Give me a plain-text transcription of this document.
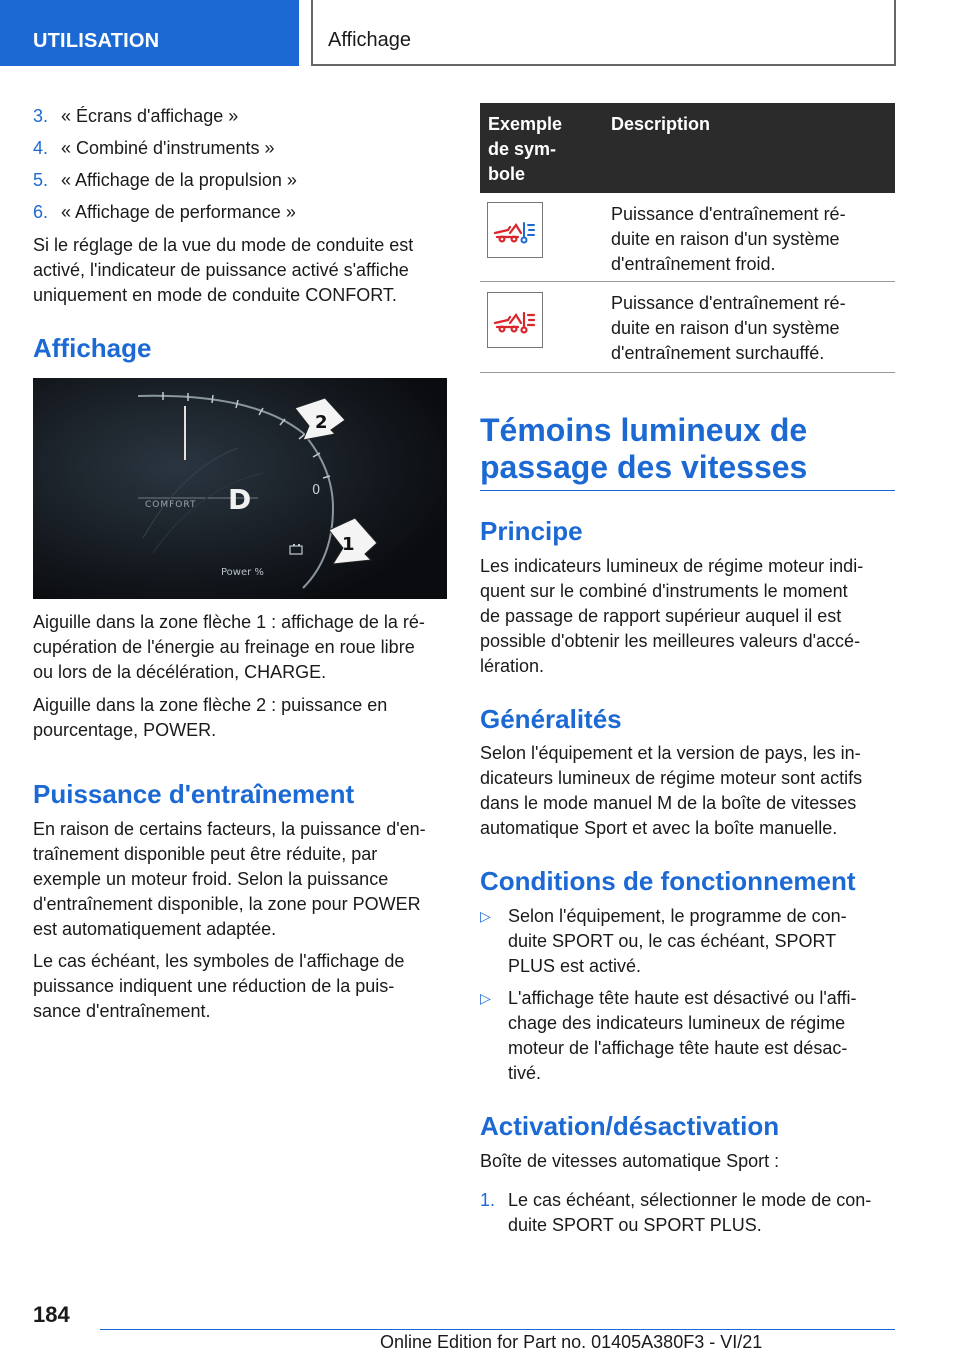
UTILISATION	Affichage
3. « Écrans d'affichage »
4. « Combiné d'instruments »
5. « Affichage de la propulsion »
6. « Affichage de performance »

Si le réglage de la vue du mode de conduite est
activé, l'indicateur de puissance activé s'affiche
uniquement en mode de conduite CONFORT.

Affichage
COMFORT D	0
Power %
2
1

Aiguille dans la zone flèche 1 : affichage de la ré-
cupération de l'énergie au freinage en roue libre
ou lors de la décélération, CHARGE.

Aiguille dans la zone flèche 2 : puissance en
pourcentage, POWER.

Puissance d'entraînement

En raison de certains facteurs, la puissance d'en-
traînement disponible peut être réduite, par
exemple un moteur froid. Selon la puissance
d'entraînement disponible, la zone pour POWER
est automatiquement adaptée.

Le cas échéant, les symboles de l'affichage de
puissance indiquent une réduction de la puis-
sance d'entraînement.

Exemple
de sym-
bole
Description
Puissance d'entraînement ré-
duite en raison d'un système
d'entraînement froid.
Puissance d'entraînement ré-
duite en raison d'un système
d'entraînement surchauffé.
Témoins lumineux de
passage des vitesses
Principe

Les indicateurs lumineux de régime moteur indi-
quent sur le combiné d'instruments le moment
de passage de rapport supérieur auquel il est
possible d'obtenir les meilleures valeurs d'accé-
lération.

Généralités

Selon l'équipement et la version de pays, les in-
dicateurs lumineux de régime moteur sont actifs
dans le mode manuel M de la boîte de vitesses
automatique Sport et avec la boîte manuelle.

Conditions de fonctionnement
▷ Selon l'équipement, le programme de con-
duite SPORT ou, le cas échéant, SPORT
PLUS est activé.
▷ L'affichage tête haute est désactivé ou l'affi-
chage des indicateurs lumineux de régime
moteur de l'affichage tête haute est désac-
tivé.
Activation/désactivation

Boîte de vitesses automatique Sport :

1. Le cas échéant, sélectionner le mode de con-
duite SPORT ou SPORT PLUS.
184
Online Edition for Part no. 01405A380F3 - VI/21
